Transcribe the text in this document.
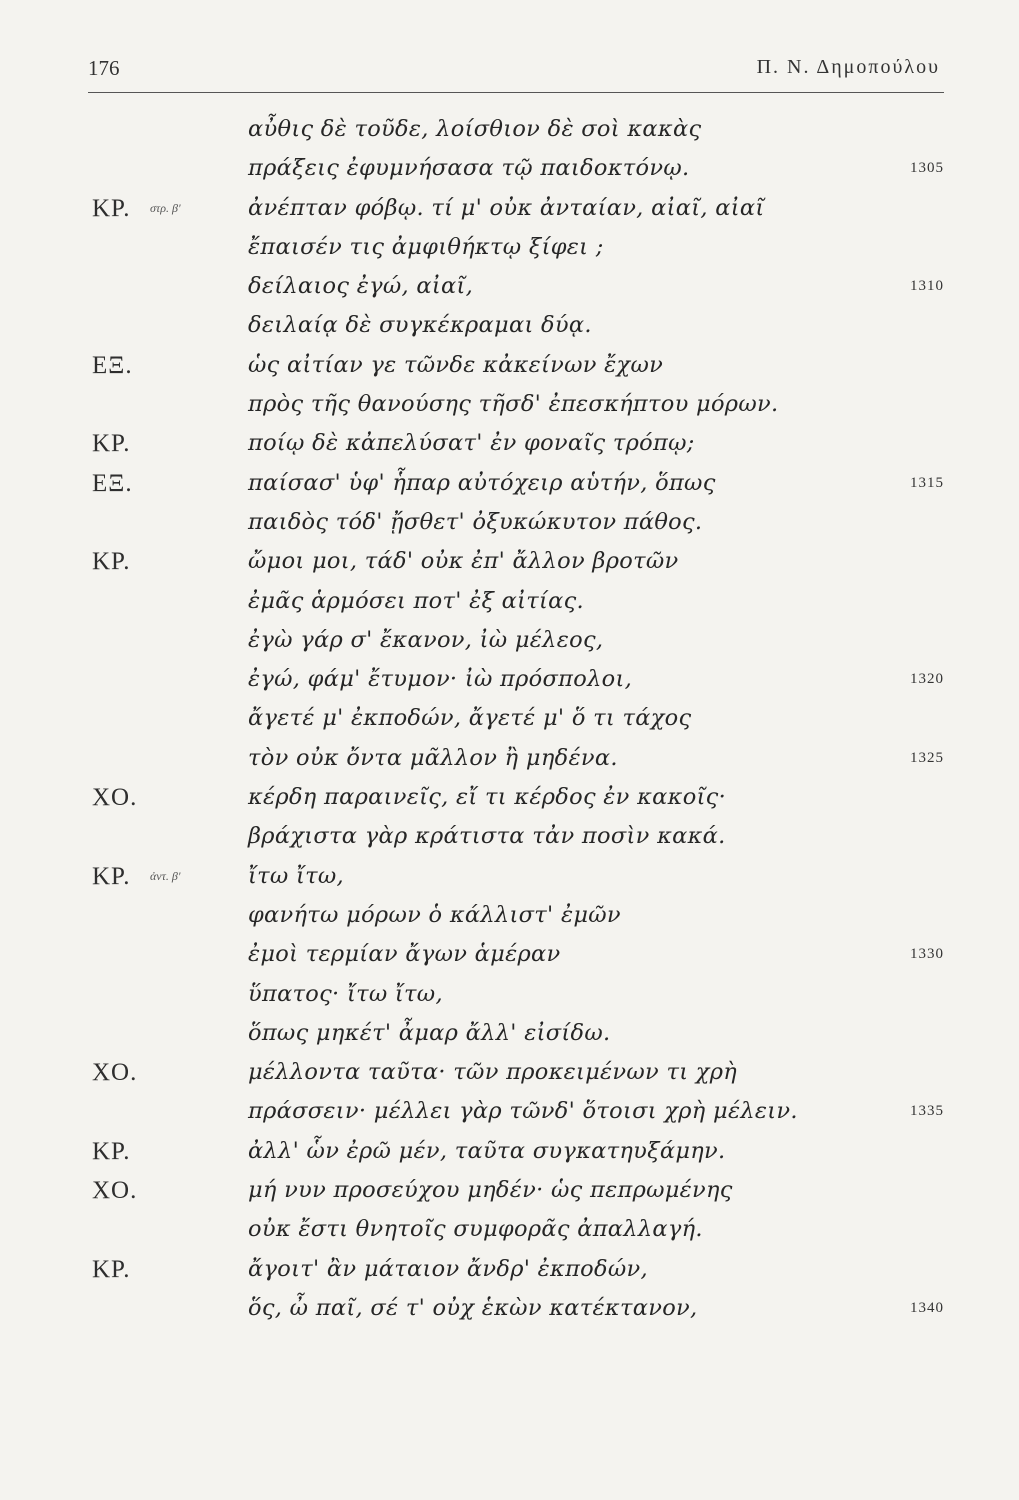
176	Π. Ν. Δημοπούλου
αὖθις δὲ τοῦδε, λοίσθιον δὲ σοὶ κακὰς
πράξεις ἐφυμνήσασα τῷ παιδοκτόνῳ.	1305
ΚΡ. στρ. β'	ἀνέπταν φόβῳ. τί μ' οὐκ ἀνταίαν, αἰαῖ, αἰαῖ
ἔπαισέν τις ἀμφιθήκτῳ ξίφει ;
δείλαιος ἐγώ, αἰαῖ,	1310
δειλαίᾳ δὲ συγκέκραμαι δύᾳ.
ΕΞ.	ὡς αἰτίαν γε τῶνδε κἀκείνων ἔχων
πρὸς τῆς θανούσης τῆσδ' ἐπεσκήπτου μόρων.
ΚΡ.	ποίῳ δὲ κἀπελύσατ' ἐν φοναῖς τρόπῳ;
ΕΞ.	παίσασ' ὑφ' ἧπαρ αὐτόχειρ αὑτήν, ὅπως	1315
παιδὸς τόδ' ᾔσθετ' ὀξυκώκυτον πάθος.
ΚΡ.	ὤμοι μοι, τάδ' οὐκ ἐπ' ἄλλον βροτῶν
ἐμᾶς ἁρμόσει ποτ' ἐξ αἰτίας.
ἐγὼ γάρ σ' ἔκανον, ἰὼ μέλεος,
ἐγώ, φάμ' ἔτυμον· ἰὼ πρόσπολοι,	1320
ἄγετέ μ' ἐκποδών, ἄγετέ μ' ὅ τι τάχος
τὸν οὐκ ὄντα μᾶλλον ἢ μηδένα.	1325
ΧΟ.	κέρδη παραινεῖς, εἴ τι κέρδος ἐν κακοῖς·
βράχιστα γὰρ κράτιστα τἀν ποσὶν κακά.
ΚΡ. ἀντ. β'	ἴτω ἴτω,
φανήτω μόρων ὁ κάλλιστ' ἐμῶν
ἐμοὶ τερμίαν ἄγων ἁμέραν	1330
ὕπατος· ἴτω ἴτω,
ὅπως μηκέτ' ἆμαρ ἄλλ' εἰσίδω.
ΧΟ.	μέλλοντα ταῦτα· τῶν προκειμένων τι χρὴ
πράσσειν· μέλλει γὰρ τῶνδ' ὅτοισι χρὴ μέλειν.	1335
ΚΡ.	ἀλλ' ὧν ἐρῶ μέν, ταῦτα συγκατηυξάμην.
ΧΟ.	μή νυν προσεύχου μηδέν· ὡς πεπρωμένης
οὐκ ἔστι θνητοῖς συμφορᾶς ἀπαλλαγή.
ΚΡ.	ἄγοιτ' ἂν μάταιον ἄνδρ' ἐκποδών,
ὅς, ὦ παῖ, σέ τ' οὐχ ἑκὼν κατέκτανον,	1340
